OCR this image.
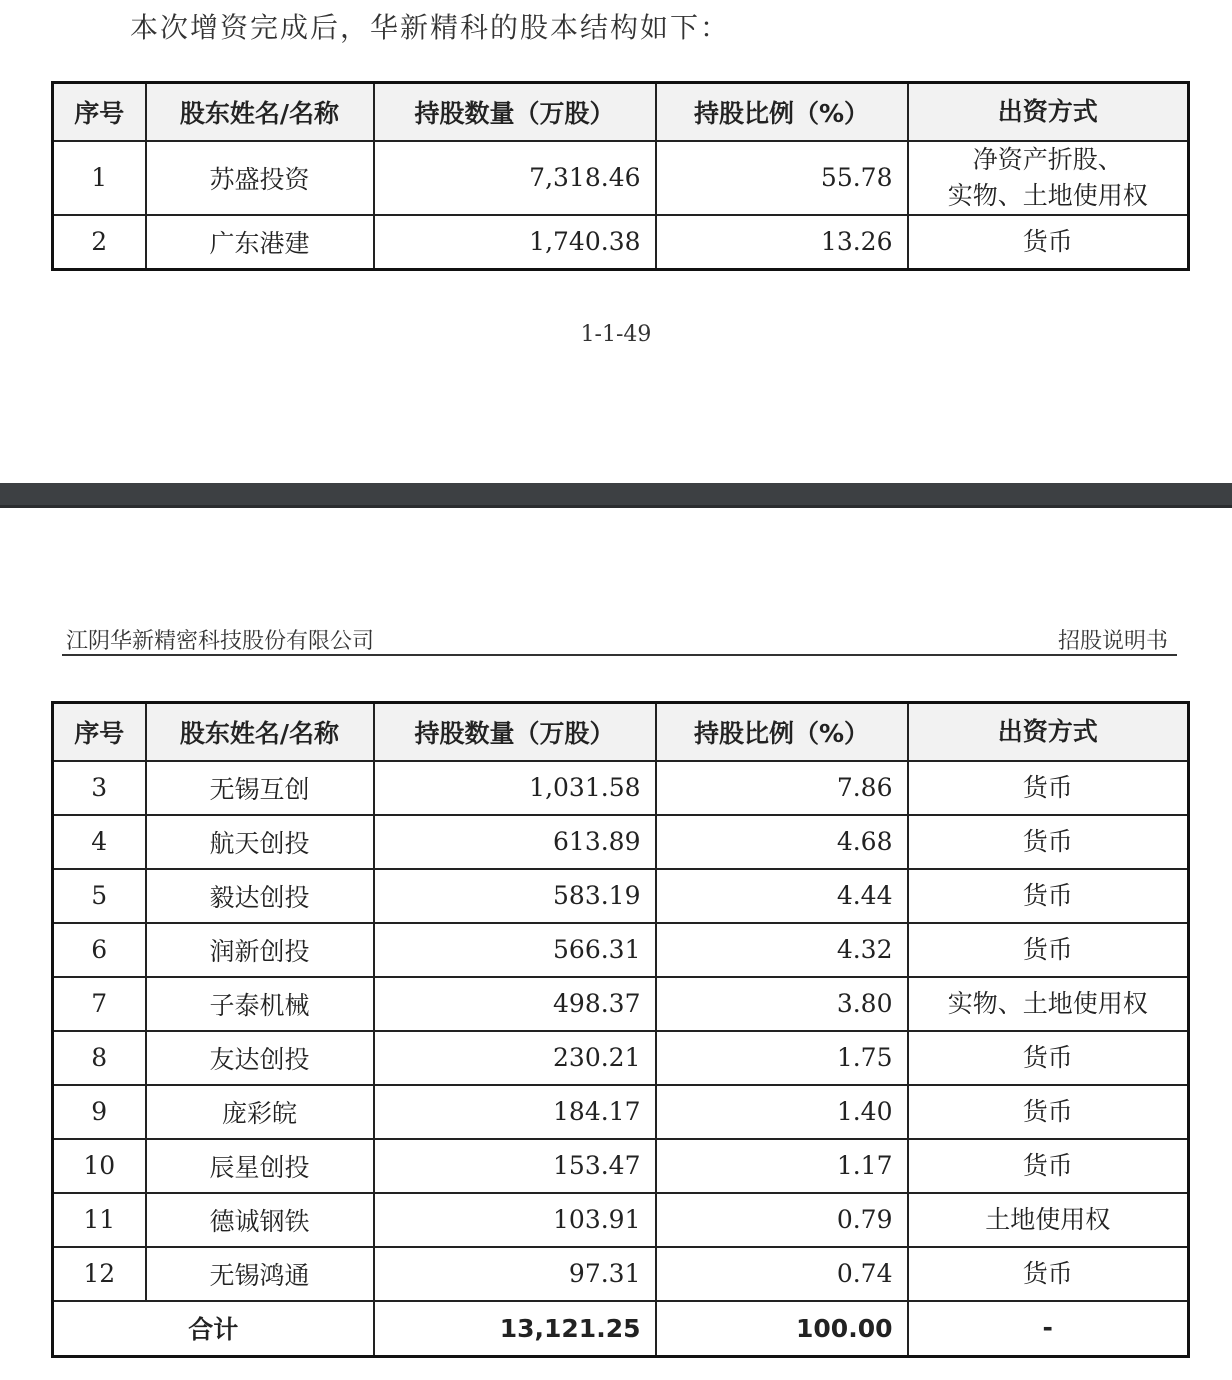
本次增资完成后，华新精科的股本结构如下：
序号	股东姓名/名称	持股数量（万股）	持股比例（%）	出资方式
1	苏盛投资	7,318.46	55.78	净资产折股、
实物、土地使用权

2	广东港建	1,740.38	13.26	货币
1-1-49
江阴华新精密科技股份有限公司	招股说明书
序号	股东姓名/名称	持股数量（万股）	持股比例（%）	出资方式
3	无锡互创	1,031.58	7.86	货币
4	航天创投	613.89	4.68	货币
5	毅达创投	583.19	4.44	货币
6	润新创投	566.31	4.32	货币
7	子泰机械	498.37	3.80	实物、土地使用权
8	友达创投	230.21	1.75	货币
9	庞彩皖	184.17	1.40	货币
10	辰星创投	153.47	1.17	货币
11	德诚钢铁	103.91	0.79	土地使用权
12	无锡鸿通	97.31	0.74	货币
合计		13,121.25	100.00	-
